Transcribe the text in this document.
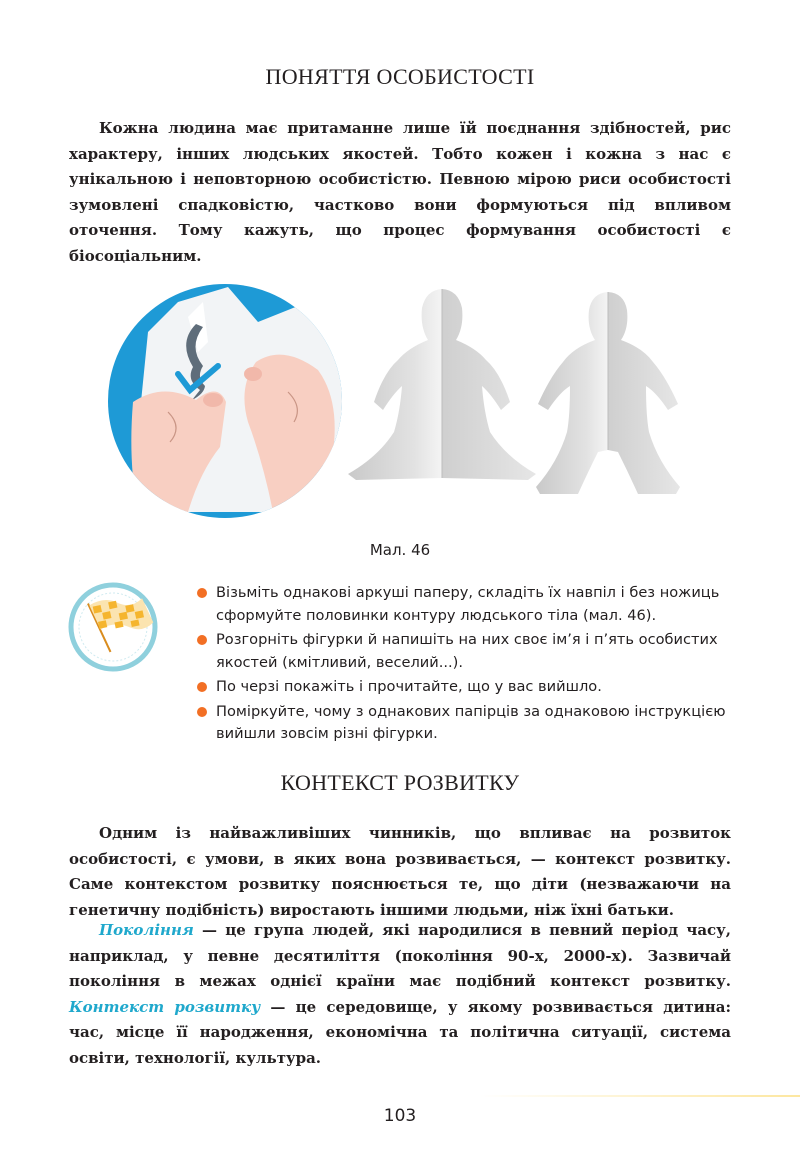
ПОНЯТТЯ ОСОБИСТОСТІ

Кожна людина має притаманне лише їй поєднання здібностей, рис характеру, інших людських якостей. Тобто кожен і кожна з нас є унікальною і неповторною особистістю. Певною мірою риси особистості зумовлені спадковістю, частково вони формуються під впливом оточення. Тому кажуть, що процес формування особистості є біосоціальним.

Мал. 46
Візьміть однакові аркуші паперу, складіть їх навпіл і без ножиць сформуйте половинки контуру людського тіла (мал. 46).
Розгорніть фігурки й напишіть на них своє ім’я і п’ять особистих якостей (кмітливий, веселий...).
По черзі покажіть і прочитайте, що у вас вийшло.
Поміркуйте, чому з однакових папірців за однаковою інструкцією вийшли зовсім різні фігурки.
КОНТЕКСТ РОЗВИТКУ

Одним із найважливіших чинників, що впливає на розвиток особистості, є умови, в яких вона розвивається, — контекст розвитку. Саме контекстом розвитку пояснюється те, що діти (незважаючи на генетичну подібність) виростають іншими людьми, ніж їхні батьки.

Покоління — це група людей, які народилися в певний період часу, наприклад, у певне десятиліття (покоління 90-х, 2000-х). Зазвичай покоління в межах однієї країни має подібний контекст розвитку. Контекст розвитку — це середовище, у якому розвивається дитина: час, місце її народження, економічна та політична ситуації, система освіти, технології, культура.

103
